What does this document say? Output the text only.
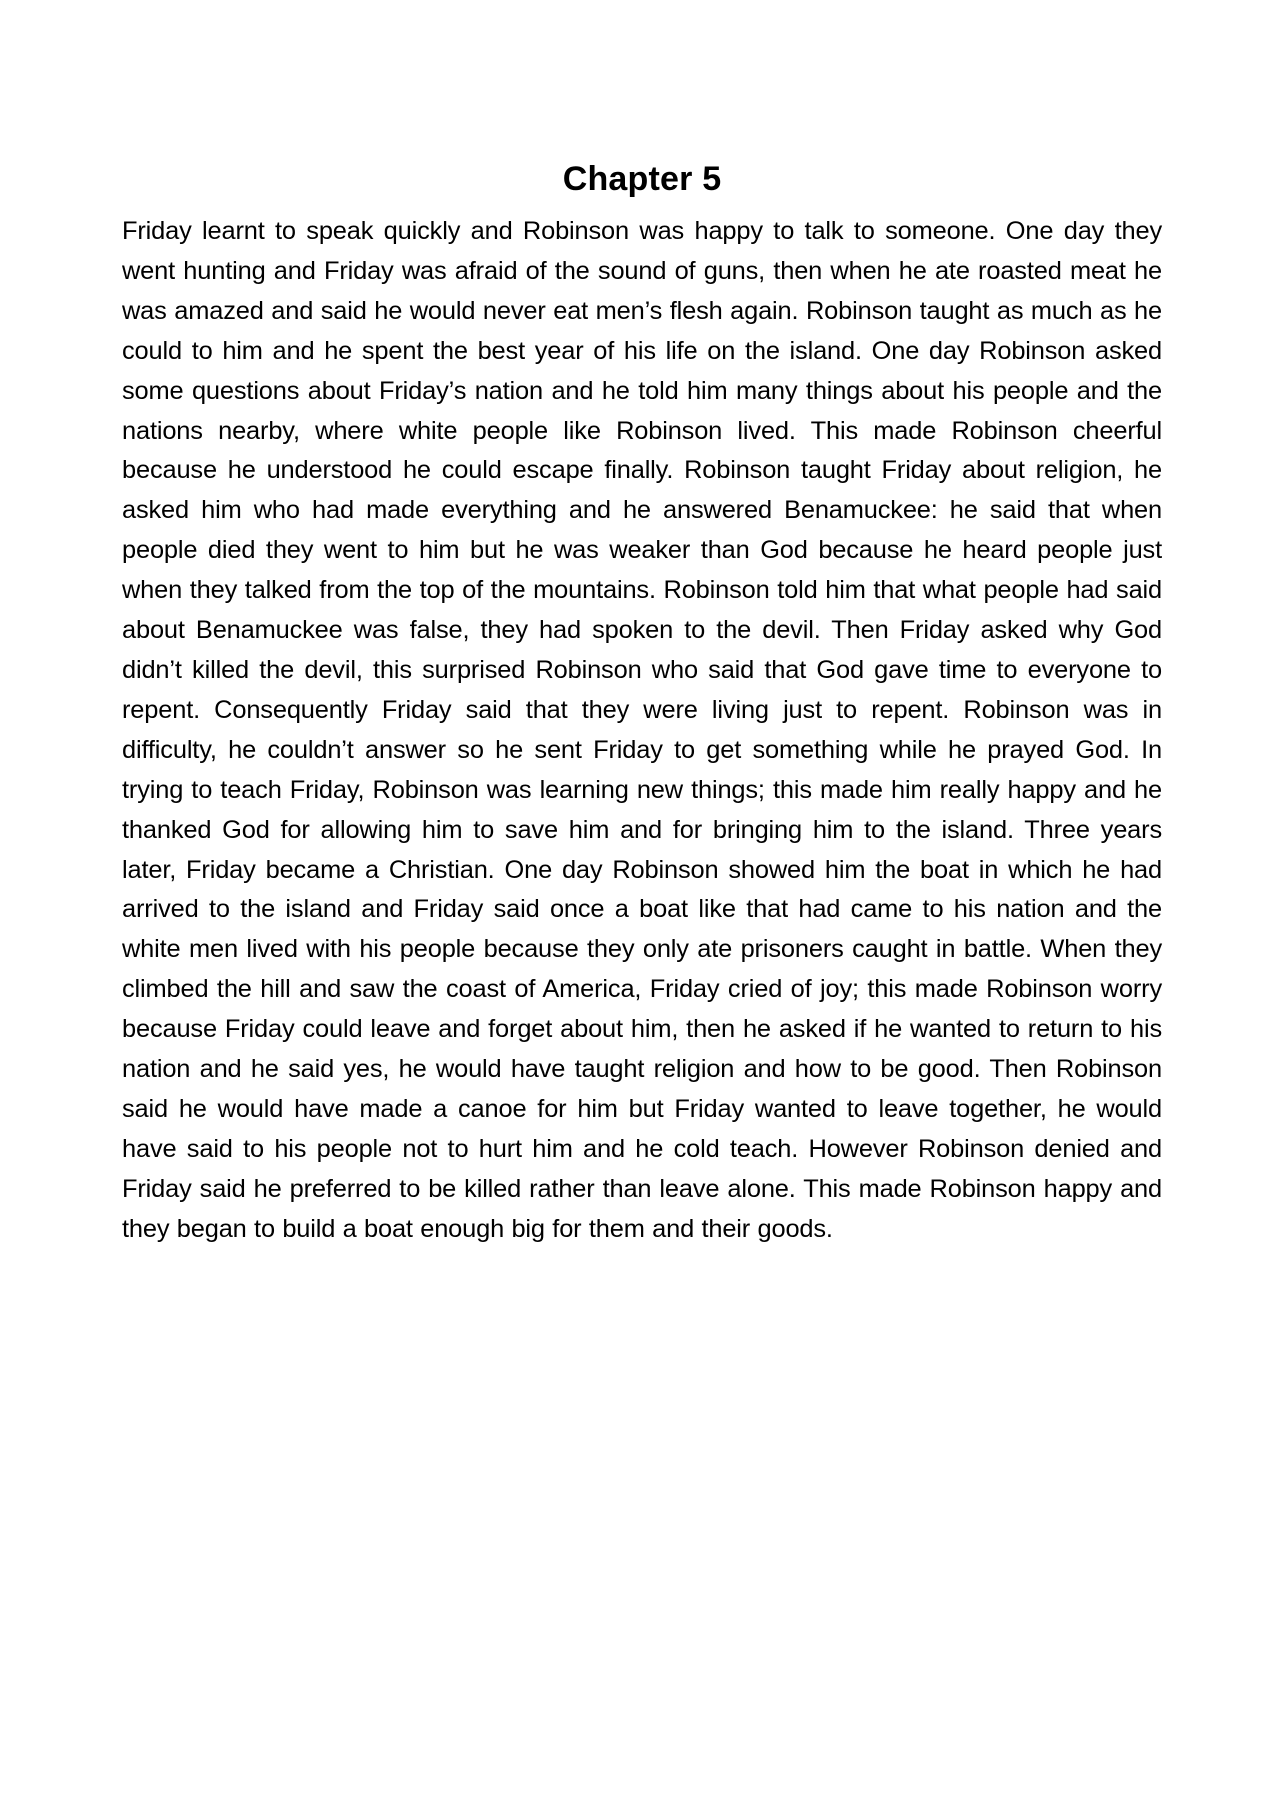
Chapter 5

Friday learnt to speak quickly and Robinson was happy to talk to someone. One day they went hunting and Friday was afraid of the sound of guns, then when he ate roasted meat he was amazed and said he would never eat men’s flesh again. Robinson taught as much as he could to him and he spent the best year of his life on the island. One day Robinson asked some questions about Friday’s nation and he told him many things about his people and the nations nearby, where white people like Robinson lived. This made Robinson cheerful because he understood he could escape finally. Robinson taught Friday about religion, he asked him who had made everything and he answered Benamuckee: he said that when people died they went to him but he was weaker than God because he heard people just when they talked from the top of the mountains. Robinson told him that what people had said about Benamuckee was false, they had spoken to the devil. Then Friday asked why God didn’t killed the devil, this surprised Robinson who said that God gave time to everyone to repent. Consequently Friday said that they were living just to repent. Robinson was in difficulty, he couldn’t answer so he sent Friday to get something while he prayed God. In trying to teach Friday, Robinson was learning new things; this made him really happy and he thanked God for allowing him to save him and for bringing him to the island. Three years later, Friday became a Christian. One day Robinson showed him the boat in which he had arrived to the island and Friday said once a boat like that had came to his nation and the white men lived with his people because they only ate prisoners caught in battle. When they climbed the hill and saw the coast of America, Friday cried of joy; this made Robinson worry because Friday could leave and forget about him, then he asked if he wanted to return to his nation and he said yes, he would have taught religion and how to be good. Then Robinson said he would have made a canoe for him but Friday wanted to leave together, he would have said to his people not to hurt him and he cold teach. However Robinson denied and Friday said he preferred to be killed rather than leave alone. This made Robinson happy and they began to build a boat enough big for them and their goods.
